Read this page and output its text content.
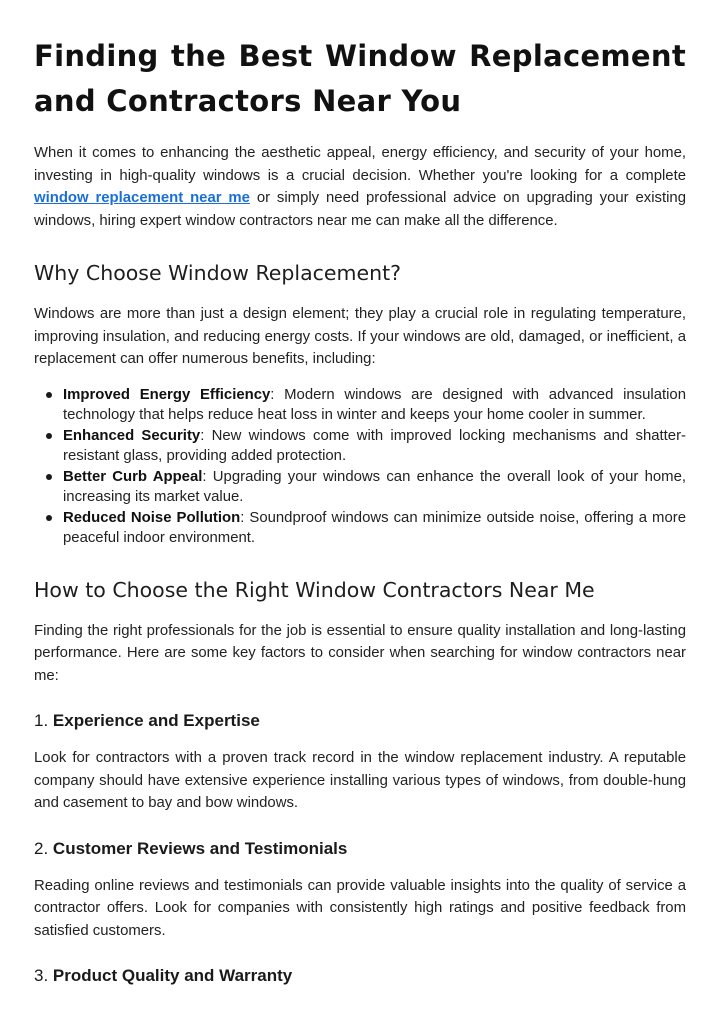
Finding the Best Window Replacement and Contractors Near You

When it comes to enhancing the aesthetic appeal, energy efficiency, and security of your home, investing in high-quality windows is a crucial decision. Whether you're looking for a complete window replacement near me or simply need professional advice on upgrading your existing windows, hiring expert window contractors near me can make all the difference.

Why Choose Window Replacement?

Windows are more than just a design element; they play a crucial role in regulating temperature, improving insulation, and reducing energy costs. If your windows are old, damaged, or inefficient, a replacement can offer numerous benefits, including:

Improved Energy Efficiency: Modern windows are designed with advanced insulation technology that helps reduce heat loss in winter and keeps your home cooler in summer.
Enhanced Security: New windows come with improved locking mechanisms and shatter-resistant glass, providing added protection.
Better Curb Appeal: Upgrading your windows can enhance the overall look of your home, increasing its market value.
Reduced Noise Pollution: Soundproof windows can minimize outside noise, offering a more peaceful indoor environment.
How to Choose the Right Window Contractors Near Me

Finding the right professionals for the job is essential to ensure quality installation and long-lasting performance. Here are some key factors to consider when searching for window contractors near me:

1. Experience and Expertise

Look for contractors with a proven track record in the window replacement industry. A reputable company should have extensive experience installing various types of windows, from double-hung and casement to bay and bow windows.

2. Customer Reviews and Testimonials

Reading online reviews and testimonials can provide valuable insights into the quality of service a contractor offers. Look for companies with consistently high ratings and positive feedback from satisfied customers.

3. Product Quality and Warranty
